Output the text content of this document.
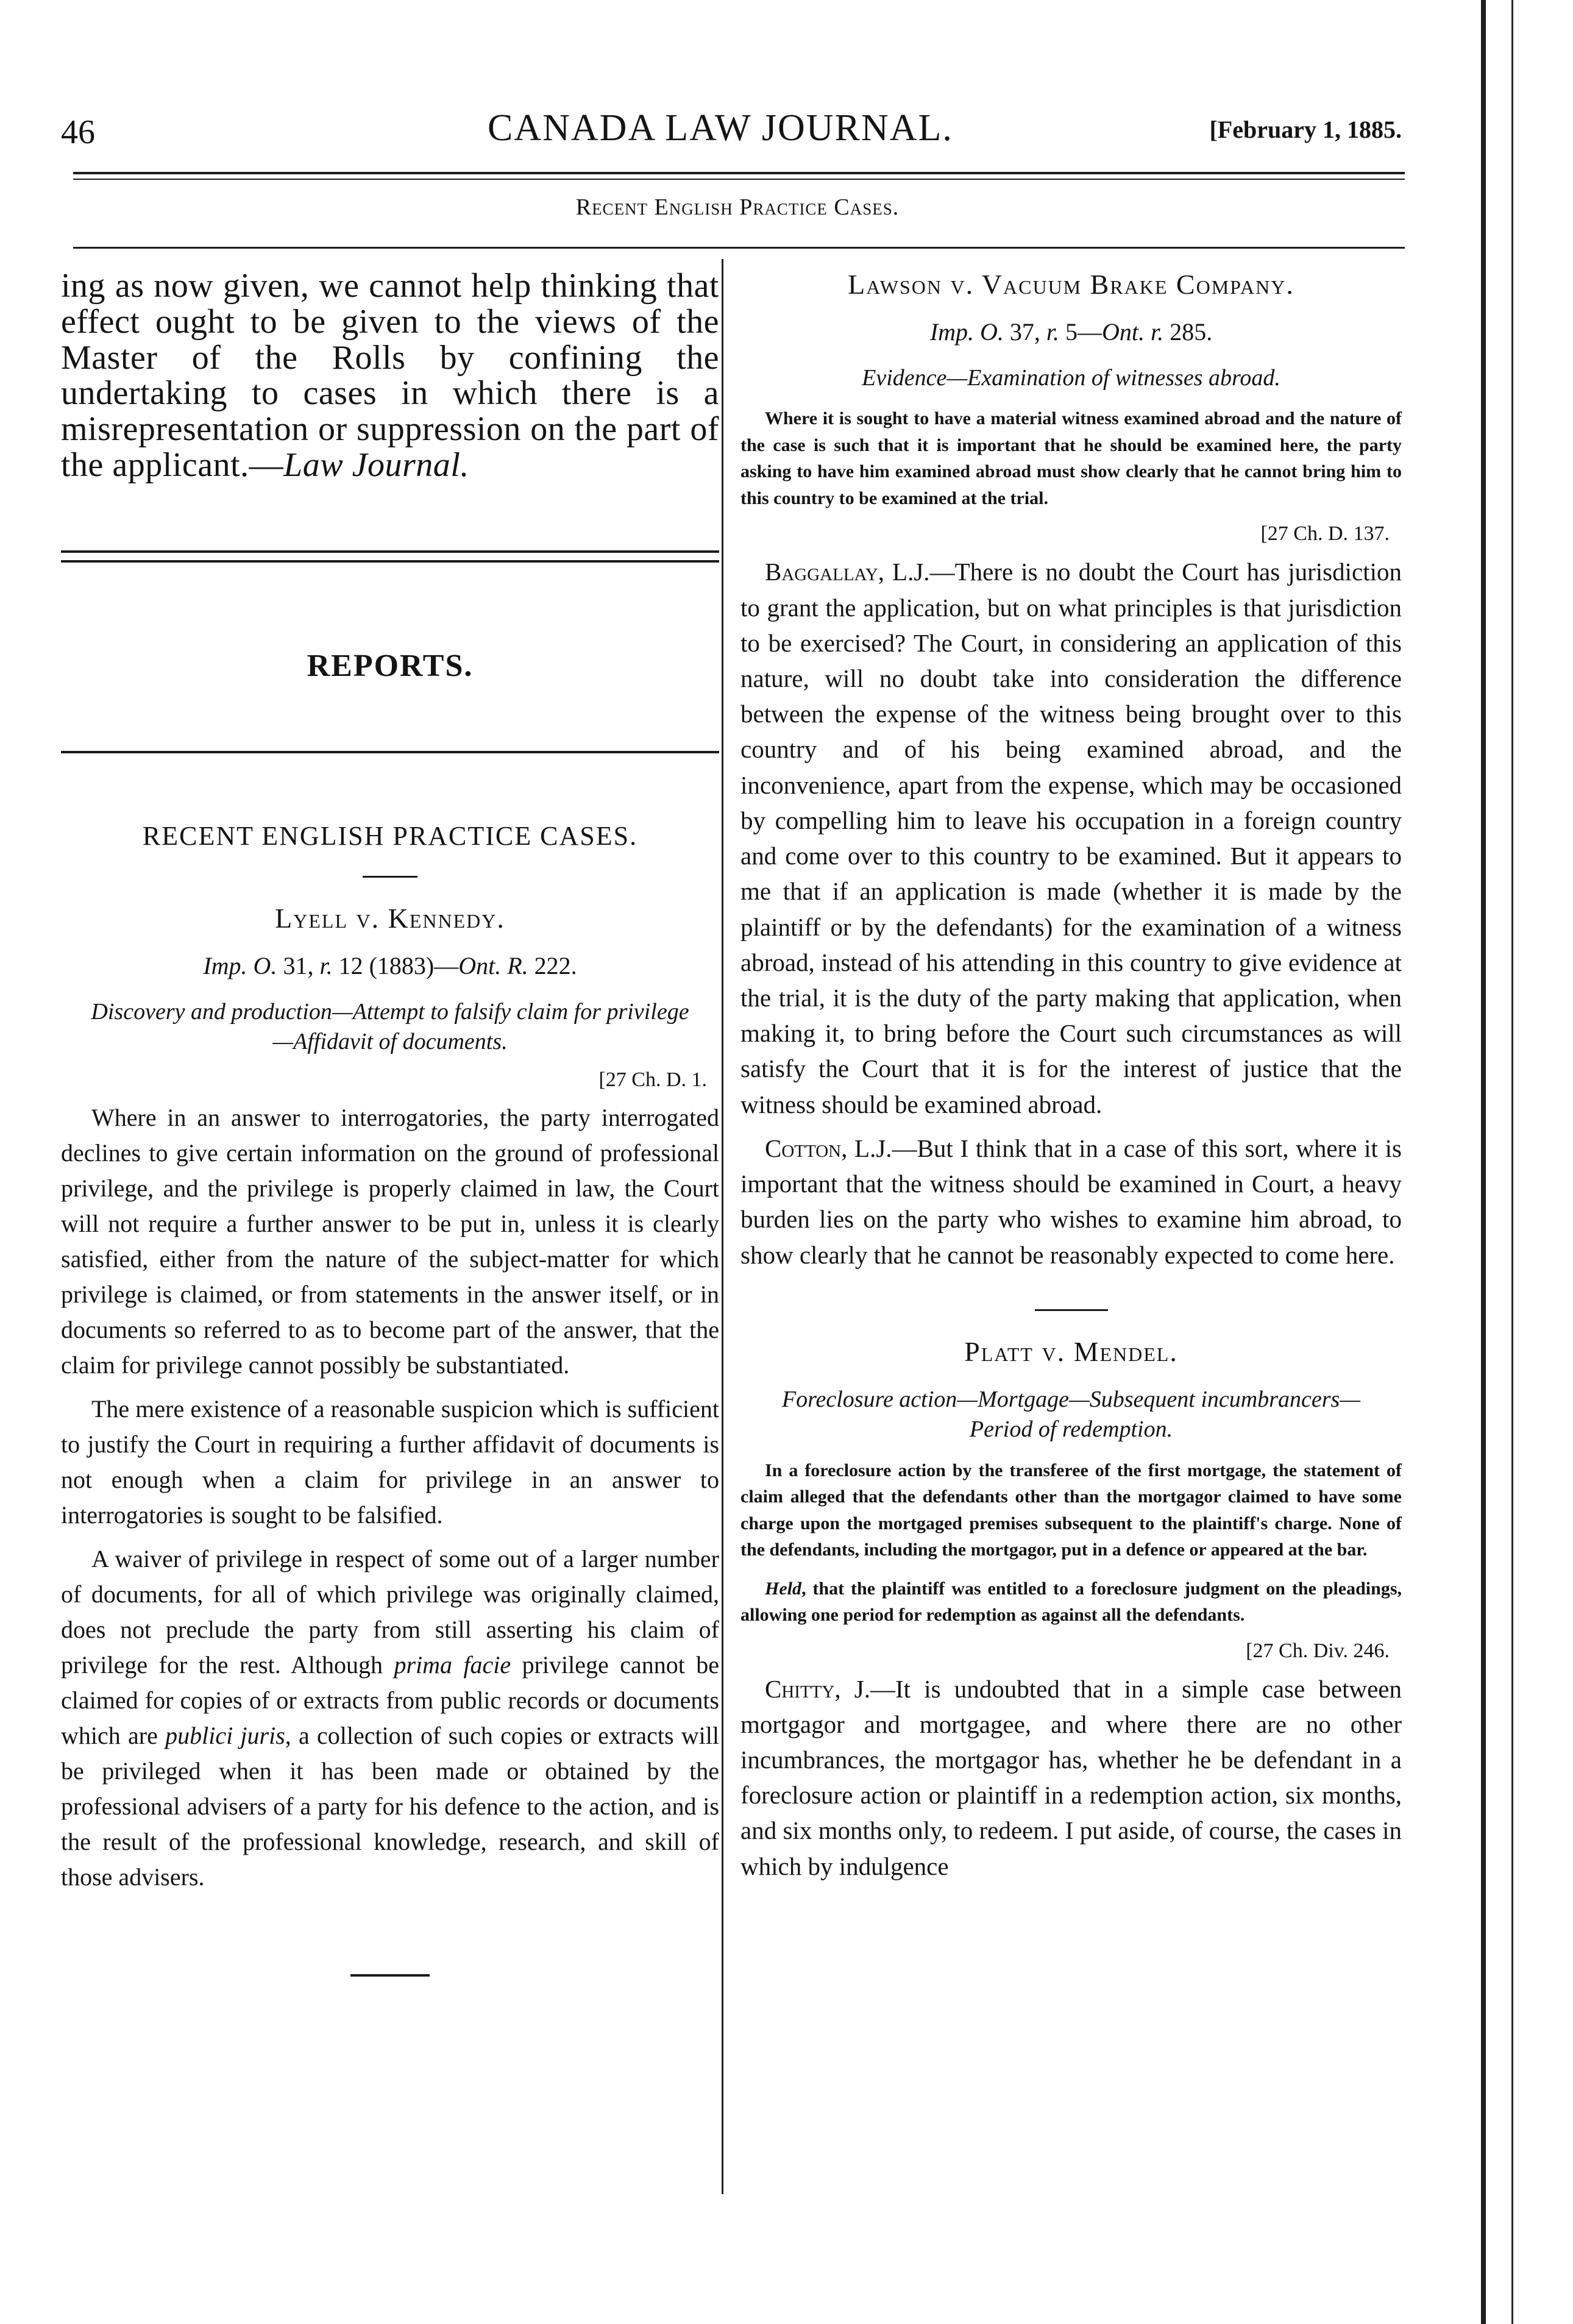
46	CANADA LAW JOURNAL.	[February 1, 1885.
Recent English Practice Cases.

ing as now given, we cannot help thinking that effect ought to be given to the views of the Master of the Rolls by confining the undertaking to cases in which there is a misrepresentation or suppression on the part of the applicant.—Law Journal.

REPORTS.
RECENT ENGLISH PRACTICE CASES.
Lyell v. Kennedy.
Imp. O. 31, r. 12 (1883)—Ont. R. 222.
Discovery and production—Attempt to falsify claim for privilege—Affidavit of documents.
[27 Ch. D. 1.

Where in an answer to interrogatories, the party interrogated declines to give certain information on the ground of professional privilege, and the privilege is properly claimed in law, the Court will not require a further answer to be put in, unless it is clearly satisfied, either from the nature of the subject-matter for which privilege is claimed, or from statements in the answer itself, or in documents so referred to as to become part of the answer, that the claim for privilege cannot possibly be substantiated.

The mere existence of a reasonable suspicion which is sufficient to justify the Court in requiring a further affidavit of documents is not enough when a claim for privilege in an answer to interrogatories is sought to be falsified.

A waiver of privilege in respect of some out of a larger number of documents, for all of which privilege was originally claimed, does not preclude the party from still asserting his claim of privilege for the rest. Although prima facie privilege cannot be claimed for copies of or extracts from public records or documents which are publici juris, a collection of such copies or extracts will be privileged when it has been made or obtained by the professional advisers of a party for his defence to the action, and is the result of the professional knowledge, research, and skill of those advisers.

Lawson v. Vacuum Brake Company.
Imp. O. 37, r. 5—Ont. r. 285.
Evidence—Examination of witnesses abroad.

Where it is sought to have a material witness examined abroad and the nature of the case is such that it is important that he should be examined here, the party asking to have him examined abroad must show clearly that he cannot bring him to this country to be examined at the trial.

[27 Ch. D. 137.

Baggallay, L.J.—There is no doubt the Court has jurisdiction to grant the application, but on what principles is that jurisdiction to be exercised? The Court, in considering an application of this nature, will no doubt take into consideration the difference between the expense of the witness being brought over to this country and of his being examined abroad, and the inconvenience, apart from the expense, which may be occasioned by compelling him to leave his occupation in a foreign country and come over to this country to be examined. But it appears to me that if an application is made (whether it is made by the plaintiff or by the defendants) for the examination of a witness abroad, instead of his attending in this country to give evidence at the trial, it is the duty of the party making that application, when making it, to bring before the Court such circumstances as will satisfy the Court that it is for the interest of justice that the witness should be examined abroad.

Cotton, L.J.—But I think that in a case of this sort, where it is important that the witness should be examined in Court, a heavy burden lies on the party who wishes to examine him abroad, to show clearly that he cannot be reasonably expected to come here.

Platt v. Mendel.
Foreclosure action—Mortgage—Subsequent incumbrancers—Period of redemption.

In a foreclosure action by the transferee of the first mortgage, the statement of claim alleged that the defendants other than the mortgagor claimed to have some charge upon the mortgaged premises subsequent to the plaintiff's charge. None of the defendants, including the mortgagor, put in a defence or appeared at the bar.

Held, that the plaintiff was entitled to a foreclosure judgment on the pleadings, allowing one period for redemption as against all the defendants.

[27 Ch. Div. 246.

Chitty, J.—It is undoubted that in a simple case between mortgagor and mortgagee, and where there are no other incumbrances, the mortgagor has, whether he be defendant in a foreclosure action or plaintiff in a redemption action, six months, and six months only, to redeem. I put aside, of course, the cases in which by indulgence
